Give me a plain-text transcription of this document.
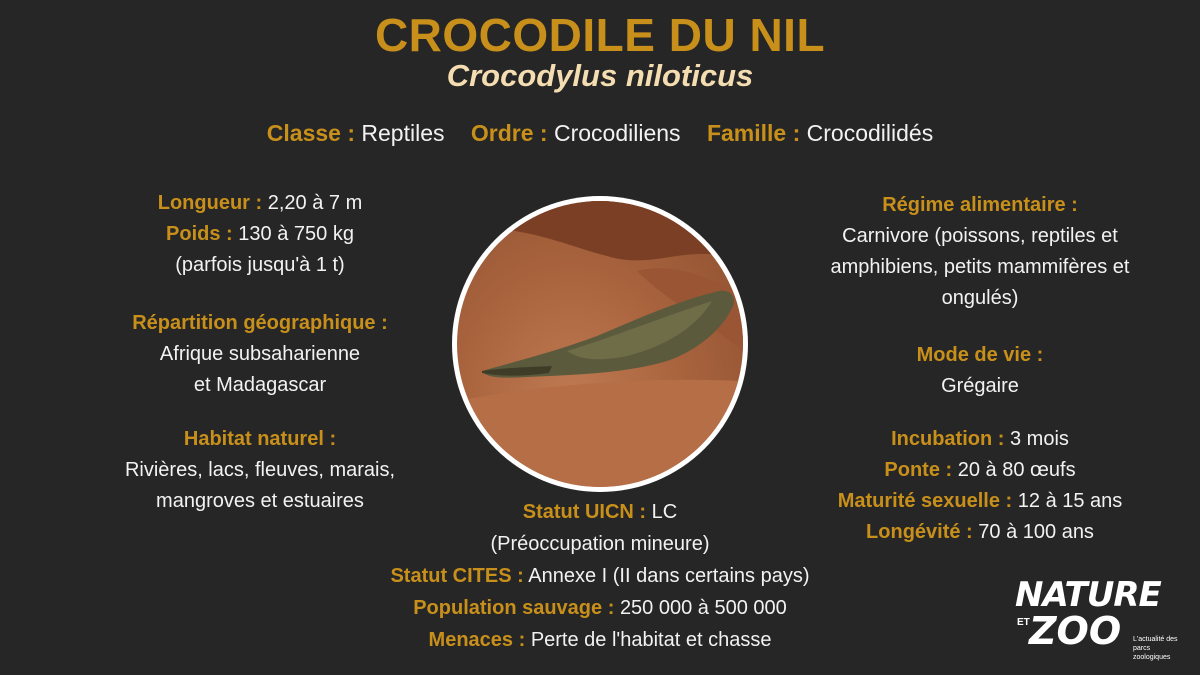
CROCODILE DU NIL
Crocodylus niloticus
Classe : Reptiles Ordre : Crocodiliens Famille : Crocodilidés
Longueur : 2,20 à 7 m
Poids : 130 à 750 kg
(parfois jusqu'à 1 t)
Répartition géographique :
Afrique subsaharienne
et Madagascar
Habitat naturel :
Rivières, lacs, fleuves, marais,
mangroves et estuaires
Régime alimentaire :
Carnivore (poissons, reptiles et
amphibiens, petits mammifères et
ongulés)
Mode de vie :
Grégaire
Incubation : 3 mois
Ponte : 20 à 80 œufs
Maturité sexuelle : 12 à 15 ans
Longévité : 70 à 100 ans
Statut UICN : LC
(Préoccupation mineure)
Statut CITES : Annexe I (II dans certains pays)
Population sauvage : 250 000 à 500 000
Menaces : Perte de l'habitat et chasse
NATURE
ET ZOO L'actualité des parcs zoologiques
